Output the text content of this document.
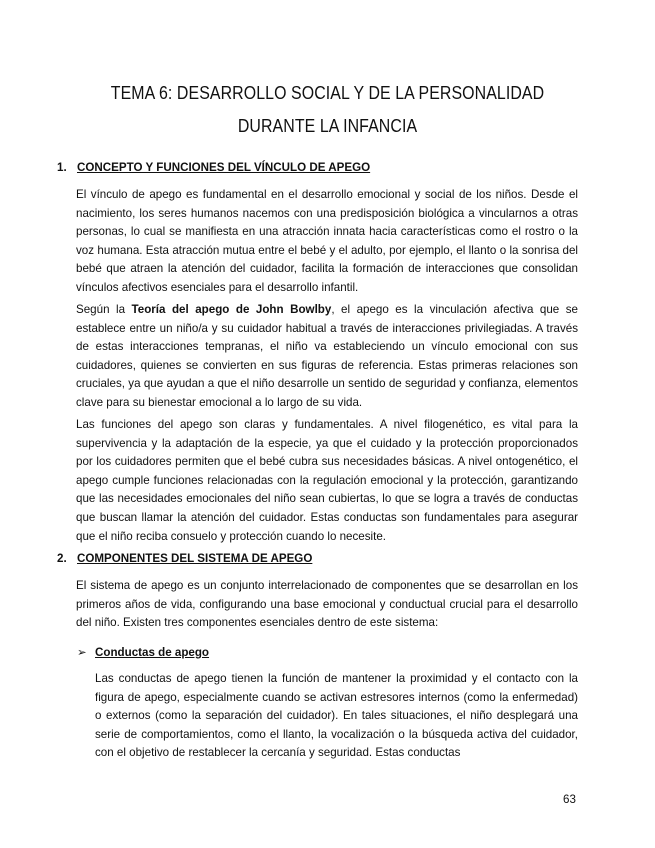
TEMA 6: DESARROLLO SOCIAL Y DE LA PERSONALIDAD
DURANTE LA INFANCIA
1. CONCEPTO Y FUNCIONES DEL VÍNCULO DE APEGO

El vínculo de apego es fundamental en el desarrollo emocional y social de los niños. Desde el nacimiento, los seres humanos nacemos con una predisposición biológica a vincularnos a otras personas, lo cual se manifiesta en una atracción innata hacia características como el rostro o la voz humana. Esta atracción mutua entre el bebé y el adulto, por ejemplo, el llanto o la sonrisa del bebé que atraen la atención del cuidador, facilita la formación de interacciones que consolidan vínculos afectivos esenciales para el desarrollo infantil.

Según la Teoría del apego de John Bowlby, el apego es la vinculación afectiva que se establece entre un niño/a y su cuidador habitual a través de interacciones privilegiadas. A través de estas interacciones tempranas, el niño va estableciendo un vínculo emocional con sus cuidadores, quienes se convierten en sus figuras de referencia. Estas primeras relaciones son cruciales, ya que ayudan a que el niño desarrolle un sentido de seguridad y confianza, elementos clave para su bienestar emocional a lo largo de su vida.

Las funciones del apego son claras y fundamentales. A nivel filogenético, es vital para la supervivencia y la adaptación de la especie, ya que el cuidado y la protección proporcionados por los cuidadores permiten que el bebé cubra sus necesidades básicas. A nivel ontogenético, el apego cumple funciones relacionadas con la regulación emocional y la protección, garantizando que las necesidades emocionales del niño sean cubiertas, lo que se logra a través de conductas que buscan llamar la atención del cuidador. Estas conductas son fundamentales para asegurar que el niño reciba consuelo y protección cuando lo necesite.

2. COMPONENTES DEL SISTEMA DE APEGO

El sistema de apego es un conjunto interrelacionado de componentes que se desarrollan en los primeros años de vida, configurando una base emocional y conductual crucial para el desarrollo del niño. Existen tres componentes esenciales dentro de este sistema:

➢ Conductas de apego

Las conductas de apego tienen la función de mantener la proximidad y el contacto con la figura de apego, especialmente cuando se activan estresores internos (como la enfermedad) o externos (como la separación del cuidador). En tales situaciones, el niño desplegará una serie de comportamientos, como el llanto, la vocalización o la búsqueda activa del cuidador, con el objetivo de restablecer la cercanía y seguridad. Estas conductas

63
